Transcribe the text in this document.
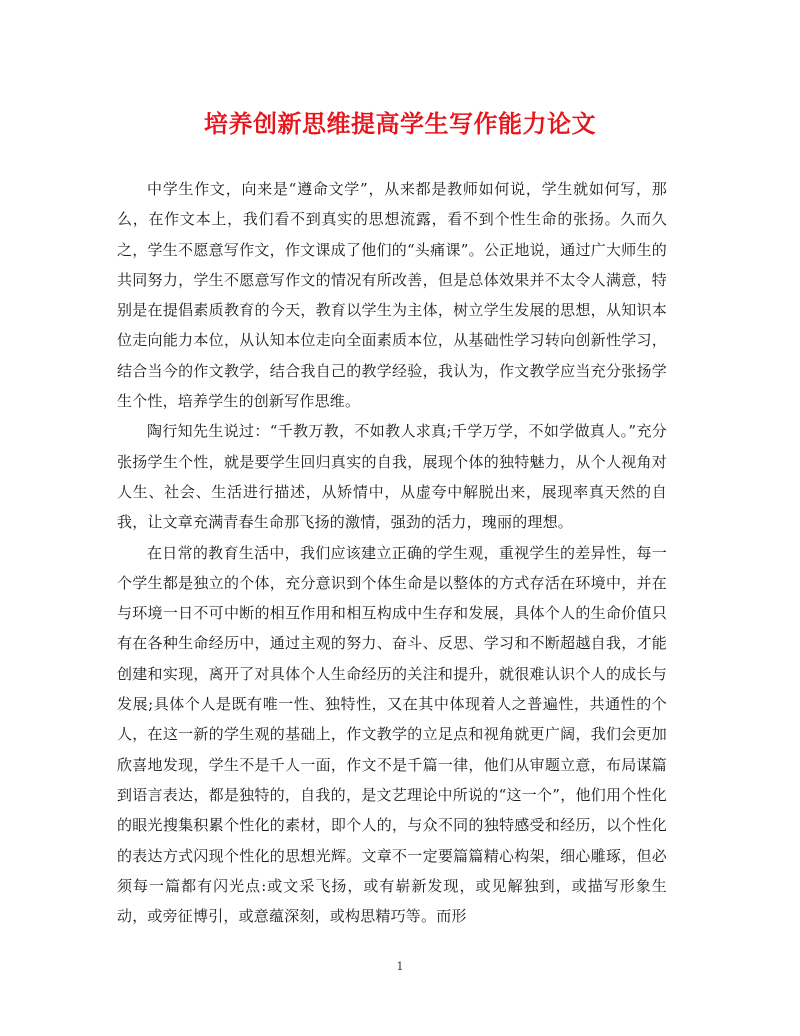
培养创新思维提高学生写作能力论文

中学生作文，向来是“遵命文学”，从来都是教师如何说，学生就如何写，那么，在作文本上，我们看不到真实的思想流露，看不到个性生命的张扬。久而久之，学生不愿意写作文，作文课成了他们的“头痛课”。公正地说，通过广大师生的共同努力，学生不愿意写作文的情况有所改善，但是总体效果并不太令人满意，特别是在提倡素质教育的今天，教育以学生为主体，树立学生发展的思想，从知识本位走向能力本位，从认知本位走向全面素质本位，从基础性学习转向创新性学习，结合当今的作文教学，结合我自己的教学经验，我认为，作文教学应当充分张扬学生个性，培养学生的创新写作思维。

陶行知先生说过：“千教万教，不如教人求真;千学万学，不如学做真人。”充分张扬学生个性，就是要学生回归真实的自我，展现个体的独特魅力，从个人视角对人生、社会、生活进行描述，从矫情中，从虚夸中解脱出来，展现率真天然的自我，让文章充满青春生命那飞扬的激情，强劲的活力，瑰丽的理想。

在日常的教育生活中，我们应该建立正确的学生观，重视学生的差异性，每一个学生都是独立的个体，充分意识到个体生命是以整体的方式存活在环境中，并在与环境一日不可中断的相互作用和相互构成中生存和发展，具体个人的生命价值只有在各种生命经历中，通过主观的努力、奋斗、反思、学习和不断超越自我，才能创建和实现，离开了对具体个人生命经历的关注和提升，就很难认识个人的成长与发展;具体个人是既有唯一性、独特性，又在其中体现着人之普遍性，共通性的个人，在这一新的学生观的基础上，作文教学的立足点和视角就更广阔，我们会更加欣喜地发现，学生不是千人一面，作文不是千篇一律，他们从审题立意，布局谋篇到语言表达，都是独特的，自我的，是文艺理论中所说的“这一个”，他们用个性化的眼光搜集积累个性化的素材，即个人的，与众不同的独特感受和经历，以个性化的表达方式闪现个性化的思想光辉。文章不一定要篇篇精心构架，细心雕琢，但必须每一篇都有闪光点:或文采飞扬，或有崭新发现，或见解独到，或描写形象生动，或旁征博引，或意蕴深刻，或构思精巧等。而形

1
